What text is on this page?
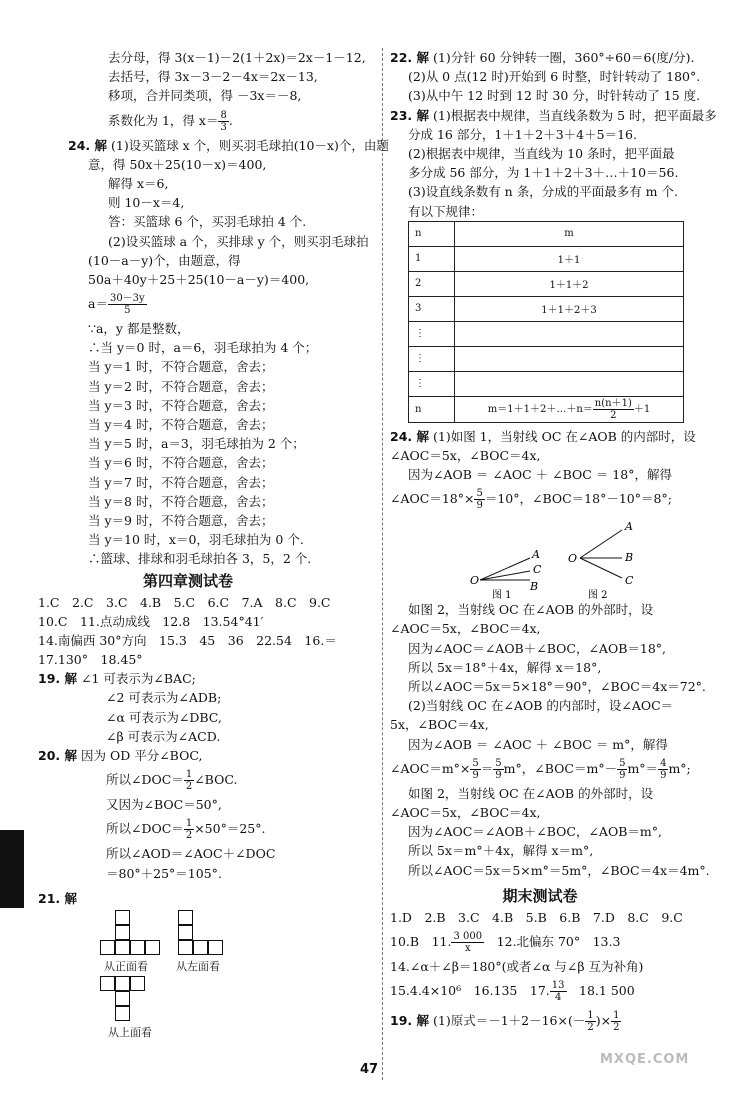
去分母，得 3(x－1)－2(1＋2x)＝2x－1－12,
去括号，得 3x－3－2－4x＝2x－13,
移项，合并同类项，得 －3x＝－8,
系数化为 1，得 $x= \frac{8}{3}$ .
24. 解 (1)设买篮球 x 个，则买羽毛球拍(10－x)个，由题
意，得 50x＋25(10－x)＝400,
解得 x＝6,
则 10－x＝4,
答：买篮球 6 个，买羽毛球拍 4 个.
(2)设买篮球 a 个，买排球 y 个，则买羽毛球拍
(10－a－y)个，由题意，得
50a＋40y＋25＋25(10－a－y)＝400,
$a= \frac{30-3y}{5}$
∵a，y 都是整数，
∴当 y＝0 时，a＝6，羽毛球拍为 4 个；
当 y＝1 时，不符合题意，舍去；
当 y＝2 时，不符合题意，舍去；
当 y＝3 时，不符合题意，舍去；
当 y＝4 时，不符合题意，舍去；
当 y＝5 时，a＝3，羽毛球拍为 2 个；
当 y＝6 时，不符合题意，舍去；
当 y＝7 时，不符合题意，舍去；
当 y＝8 时，不符合题意，舍去；
当 y＝9 时，不符合题意，舍去；
当 y＝10 时，x＝0，羽毛球拍为 0 个.
∴篮球、排球和羽毛球拍各 3，5，2 个.
第四章测试卷
1.C　2.C　3.C　4.B　5.C　6.C　7.A　8.C　9.C
10.C　11.点动成线　12.8　13.54°41′
14.南偏西 30°方向　15.3　45　36　22.54　16.＝
17.130°　18.45°
19. 解 ∠1 可表示为∠BAC;
∠2 可表示为∠ADB;
∠α 可表示为∠DBC,
∠β 可表示为∠ACD.
20. 解 因为 OD 平分∠BOC,
所以∠DOC＝ $\frac{1}{2}$ ∠BOC.
又因为∠BOC＝50°,
所以∠DOC＝ $\frac{1}{2} \times 50^\circ=25^\circ$.
所以∠AOD＝∠AOC＋∠DOC
＝80°＋25°＝105°.
21. 解
从正面看	从左面看
从上面看
22. 解 (1)分针 60 分钟转一圈，360°÷60＝6(度/分).
(2)从 0 点(12 时)开始到 6 时整，时针转动了 180°.
(3)从中午 12 时到 12 时 30 分，时针转动了 15 度.
23. 解 (1)根据表中规律，当直线条数为 5 时，把平面最多
分成 16 部分，1＋1＋2＋3＋4＋5＝16.
(2)根据表中规律，当直线为 10 条时，把平面最
多分成 56 部分，为 1＋1＋2＋3＋…＋10＝56.
(3)设直线条数有 n 条，分成的平面最多有 m 个.
有以下规律：
n	m
1	1＋1
2	1＋1＋2
3	1＋1＋2＋3
⋮	
⋮	
⋮	
n	m＝1＋1＋2＋…＋n＝ $\frac{n(n+1)}{2} +1$
24. 解 (1)如图 1，当射线 OC 在∠AOB 的内部时，设
∠AOC＝5x，∠BOC＝4x,
因为∠AOB ＝ ∠AOC ＋ ∠BOC ＝ 18°，解得
∠AOC＝18°× $\frac{5}{9} =10^\circ$，∠BOC＝18°－10°＝8°;
A
C
B
O
A
B
C
O
图 1	图 2
如图 2，当射线 OC 在∠AOB 的外部时，设
∠AOC＝5x，∠BOC＝4x,
因为∠AOC＝∠AOB＋∠BOC，∠AOB＝18°,
所以 5x＝18°＋4x，解得 x＝18°,
所以∠AOC＝5x＝5×18°＝90°，∠BOC＝4x＝72°.
(2)当射线 OC 在∠AOB 的内部时，设∠AOC＝
5x，∠BOC＝4x,
因为∠AOB ＝ ∠AOC ＋ ∠BOC ＝ m°，解得
∠AOC＝m°× $\frac{5}{9} = \frac{5}{9} m^\circ$，∠BOC＝m°－ $\frac{5}{9} m^\circ= \frac{4}{9} m^\circ$;
如图 2，当射线 OC 在∠AOB 的外部时，设
∠AOC＝5x，∠BOC＝4x,
因为∠AOC＝∠AOB＋∠BOC，∠AOB＝m°,
所以 5x＝m°＋4x，解得 x＝m°,
所以∠AOC＝5x＝5×m°＝5m°，∠BOC＝4x＝4m°.
期末测试卷
1.D　2.B　3.C　4.B　5.B　6.B　7.D　8.C　9.C
10.B　11. $\frac{3 000}{x}$ 　12.北偏东 70°　13.3
14.∠α＋∠β＝180°(或者∠α 与∠β 互为补角)
15.4.4×10⁶　16.135　17. $\frac{13}{4}$ 　18.1 500
19. 解 (1)原式$=-1+2-16\times(- \frac{1}{2}$ )× $\frac{1}{2}$
47
MXQE.COM
